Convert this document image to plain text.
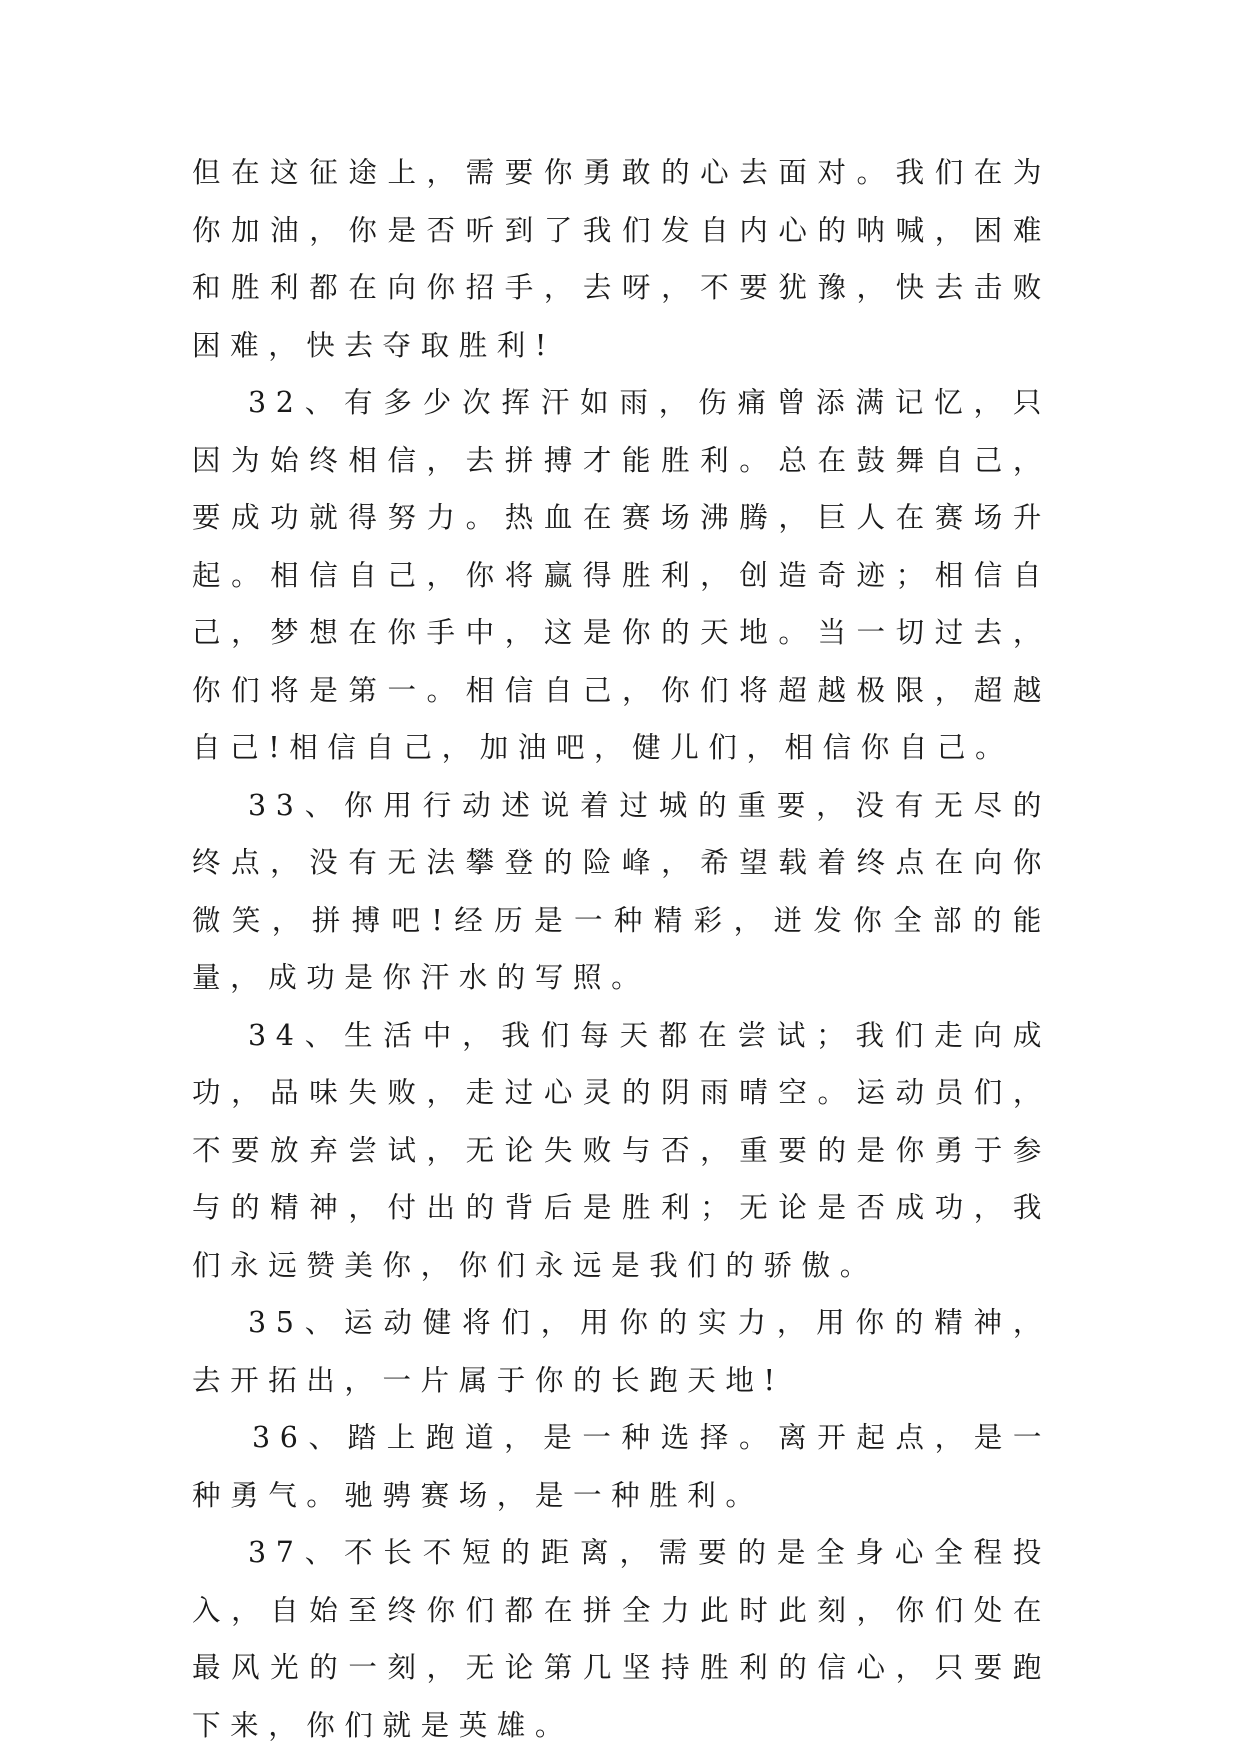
但在这征途上，需要你勇敢的心去面对。我们在为你加油，你是否听到了我们发自内心的呐喊，困难和胜利都在向你招手，去呀，不要犹豫，快去击败困难，快去夺取胜利!

32、有多少次挥汗如雨，伤痛曾添满记忆，只因为始终相信，去拼搏才能胜利。总在鼓舞自己，要成功就得努力。热血在赛场沸腾，巨人在赛场升起。相信自己，你将赢得胜利，创造奇迹；相信自己，梦想在你手中，这是你的天地。当一切过去，你们将是第一。相信自己，你们将超越极限，超越自己!相信自己，加油吧，健儿们，相信你自己。

33、你用行动述说着过城的重要，没有无尽的终点，没有无法攀登的险峰，希望载着终点在向你微笑，拼搏吧!经历是一种精彩，迸发你全部的能量，成功是你汗水的写照。

34、生活中，我们每天都在尝试；我们走向成功，品味失败，走过心灵的阴雨晴空。运动员们，不要放弃尝试，无论失败与否，重要的是你勇于参与的精神，付出的背后是胜利；无论是否成功，我们永远赞美你，你们永远是我们的骄傲。

35、运动健将们，用你的实力，用你的精神，去开拓出，一片属于你的长跑天地!

36、踏上跑道，是一种选择。离开起点，是一种勇气。驰骋赛场，是一种胜利。

37、不长不短的距离，需要的是全身心全程投入，自始至终你们都在拼全力此时此刻，你们处在最风光的一刻，无论第几坚持胜利的信心，只要跑下来，你们就是英雄。
